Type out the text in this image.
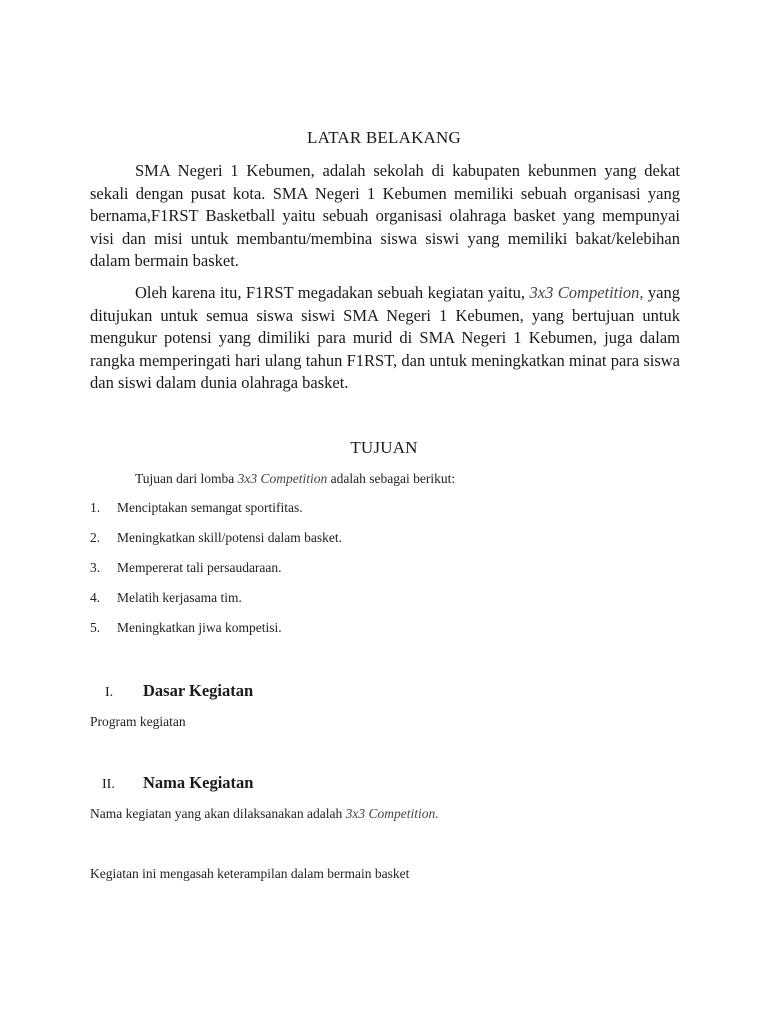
LATAR BELAKANG

SMA Negeri 1 Kebumen, adalah sekolah di kabupaten kebunmen yang dekat sekali dengan pusat kota. SMA Negeri 1 Kebumen memiliki sebuah organisasi yang bernama,F1RST Basketball yaitu sebuah organisasi olahraga basket yang mempunyai visi dan misi untuk membantu/membina siswa siswi yang memiliki bakat/kelebihan dalam bermain basket.

Oleh karena itu, F1RST megadakan sebuah kegiatan yaitu, 3x3 Competition, yang ditujukan untuk semua siswa siswi SMA Negeri 1 Kebumen, yang bertujuan untuk mengukur potensi yang dimiliki para murid di SMA Negeri 1 Kebumen, juga dalam rangka memperingati hari ulang tahun F1RST, dan untuk meningkatkan minat para siswa dan siswi dalam dunia olahraga basket.

TUJUAN
Tujuan dari lomba 3x3 Competition adalah sebagai berikut:
1. Menciptakan semangat sportifitas.
2. Meningkatkan skill/potensi dalam basket.
3. Mempererat tali persaudaraan.
4. Melatih kerjasama tim.
5. Meningkatkan jiwa kompetisi.
I. Dasar Kegiatan
Program kegiatan
II. Nama Kegiatan
Nama kegiatan yang akan dilaksanakan adalah 3x3 Competition.
Kegiatan ini mengasah keterampilan dalam bermain basket
